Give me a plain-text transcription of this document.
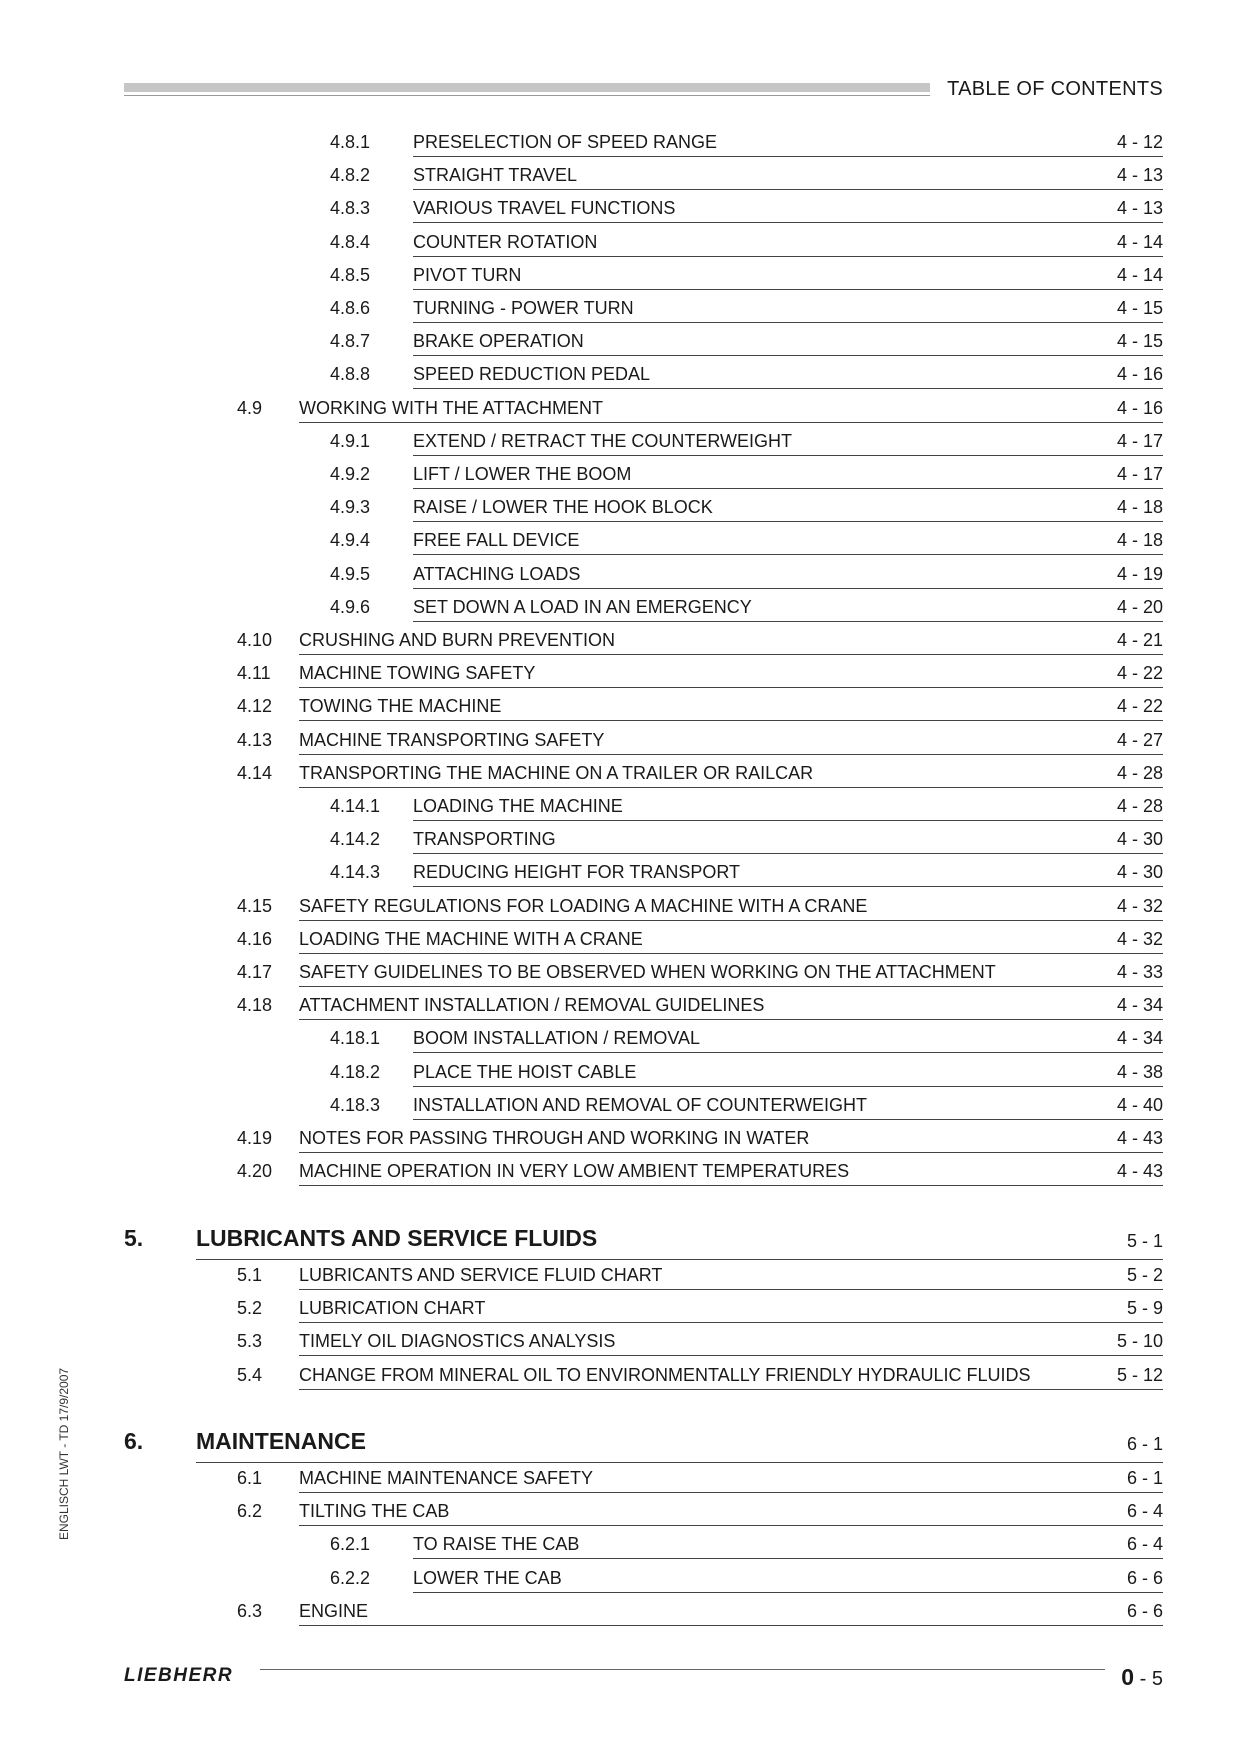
TABLE OF CONTENTS
ENGLISCH LWT - TD 17/9/2007
4.8.1 PRESELECTION OF SPEED RANGE	4 - 12
4.8.2 STRAIGHT TRAVEL	4 - 13
4.8.3 VARIOUS TRAVEL FUNCTIONS	4 - 13
4.8.4 COUNTER ROTATION	4 - 14
4.8.5 PIVOT TURN	4 - 14
4.8.6 TURNING - POWER TURN	4 - 15
4.8.7 BRAKE OPERATION	4 - 15
4.8.8 SPEED REDUCTION PEDAL	4 - 16
4.9 WORKING WITH THE ATTACHMENT	4 - 16
4.9.1 EXTEND / RETRACT THE COUNTERWEIGHT	4 - 17
4.9.2 LIFT / LOWER THE BOOM	4 - 17
4.9.3 RAISE / LOWER THE HOOK BLOCK	4 - 18
4.9.4 FREE FALL DEVICE	4 - 18
4.9.5 ATTACHING LOADS	4 - 19
4.9.6 SET DOWN A LOAD IN AN EMERGENCY	4 - 20
4.10 CRUSHING AND BURN PREVENTION	4 - 21
4.11 MACHINE TOWING SAFETY	4 - 22
4.12 TOWING THE MACHINE	4 - 22
4.13 MACHINE TRANSPORTING SAFETY	4 - 27
4.14 TRANSPORTING THE MACHINE ON A TRAILER OR RAILCAR	4 - 28
4.14.1 LOADING THE MACHINE	4 - 28
4.14.2 TRANSPORTING	4 - 30
4.14.3 REDUCING HEIGHT FOR TRANSPORT	4 - 30
4.15 SAFETY REGULATIONS FOR LOADING A MACHINE WITH A CRANE	4 - 32
4.16 LOADING THE MACHINE WITH A CRANE	4 - 32
4.17 SAFETY GUIDELINES TO BE OBSERVED WHEN WORKING ON THE ATTACHMENT	4 - 33
4.18 ATTACHMENT INSTALLATION / REMOVAL GUIDELINES	4 - 34
4.18.1 BOOM INSTALLATION / REMOVAL	4 - 34
4.18.2 PLACE THE HOIST CABLE	4 - 38
4.18.3 INSTALLATION AND REMOVAL OF COUNTERWEIGHT	4 - 40
4.19 NOTES FOR PASSING THROUGH AND WORKING IN WATER	4 - 43
4.20 MACHINE OPERATION IN VERY LOW AMBIENT TEMPERATURES	4 - 43
5. LUBRICANTS AND SERVICE FLUIDS	5 - 1
5.1 LUBRICANTS AND SERVICE FLUID CHART	5 - 2
5.2 LUBRICATION CHART	5 - 9
5.3 TIMELY OIL DIAGNOSTICS ANALYSIS	5 - 10
5.4 CHANGE FROM MINERAL OIL TO ENVIRONMENTALLY FRIENDLY HYDRAULIC FLUIDS	5 - 12
6. MAINTENANCE	6 - 1
6.1 MACHINE MAINTENANCE SAFETY	6 - 1
6.2 TILTING THE CAB	6 - 4
6.2.1 TO RAISE THE CAB	6 - 4
6.2.2 LOWER THE CAB	6 - 6
6.3 ENGINE	6 - 6
LIEBHERR	0 - 5
